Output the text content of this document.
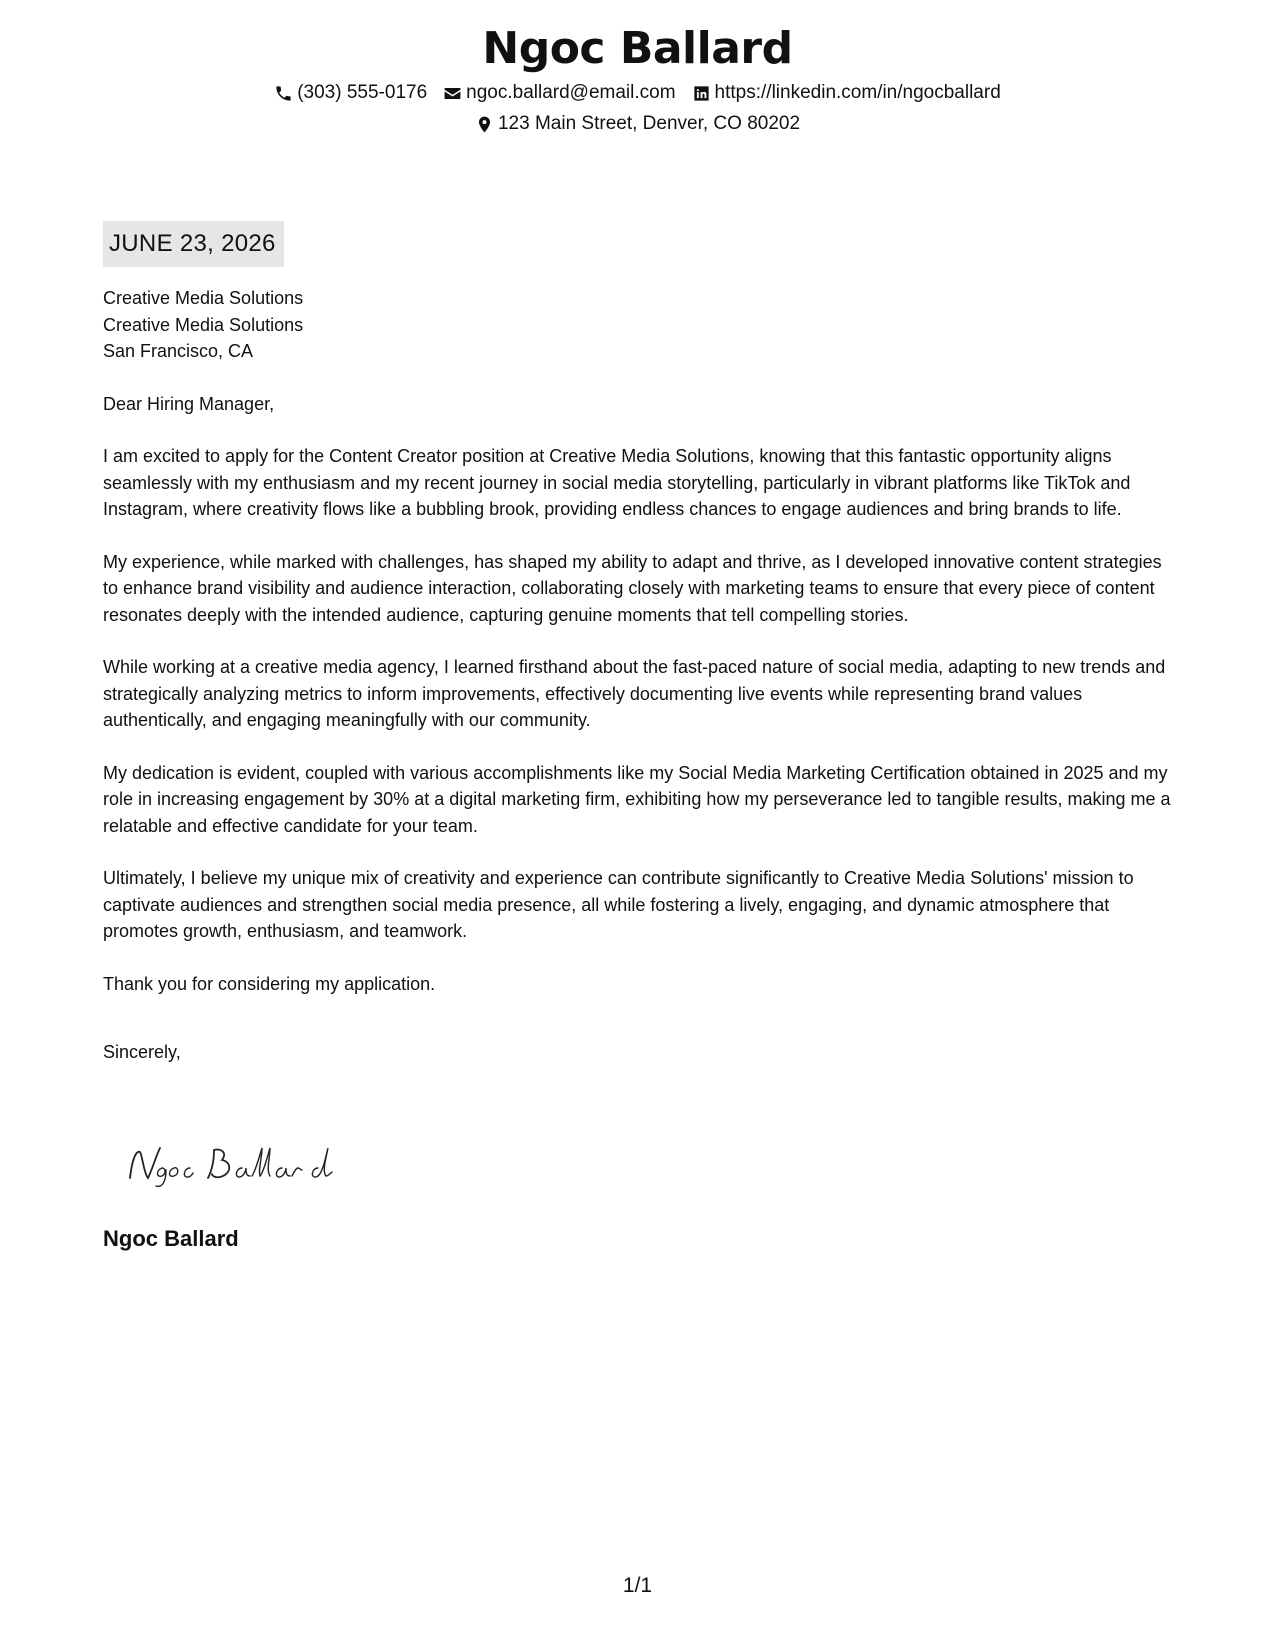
Ngoc Ballard
(303) 555-0176 ngoc.ballard@email.com https://linkedin.com/in/ngocballard
123 Main Street, Denver, CO 80202
JUNE 23, 2026
Creative Media Solutions
Creative Media Solutions
San Francisco, CA

Dear Hiring Manager,

I am excited to apply for the Content Creator position at Creative Media Solutions, knowing that this fantastic opportunity aligns seamlessly with my enthusiasm and my recent journey in social media storytelling, particularly in vibrant platforms like TikTok and Instagram, where creativity flows like a bubbling brook, providing endless chances to engage audiences and bring brands to life.

My experience, while marked with challenges, has shaped my ability to adapt and thrive, as I developed innovative content strategies to enhance brand visibility and audience interaction, collaborating closely with marketing teams to ensure that every piece of content resonates deeply with the intended audience, capturing genuine moments that tell compelling stories.

While working at a creative media agency, I learned firsthand about the fast-paced nature of social media, adapting to new trends and strategically analyzing metrics to inform improvements, effectively documenting live events while representing brand values authentically, and engaging meaningfully with our community.

My dedication is evident, coupled with various accomplishments like my Social Media Marketing Certification obtained in 2025 and my role in increasing engagement by 30% at a digital marketing firm, exhibiting how my perseverance led to tangible results, making me a relatable and effective candidate for your team.

Ultimately, I believe my unique mix of creativity and experience can contribute significantly to Creative Media Solutions' mission to captivate audiences and strengthen social media presence, all while fostering a lively, engaging, and dynamic atmosphere that promotes growth, enthusiasm, and teamwork.

Thank you for considering my application.

Sincerely,

Ngoc Ballard
1/1
